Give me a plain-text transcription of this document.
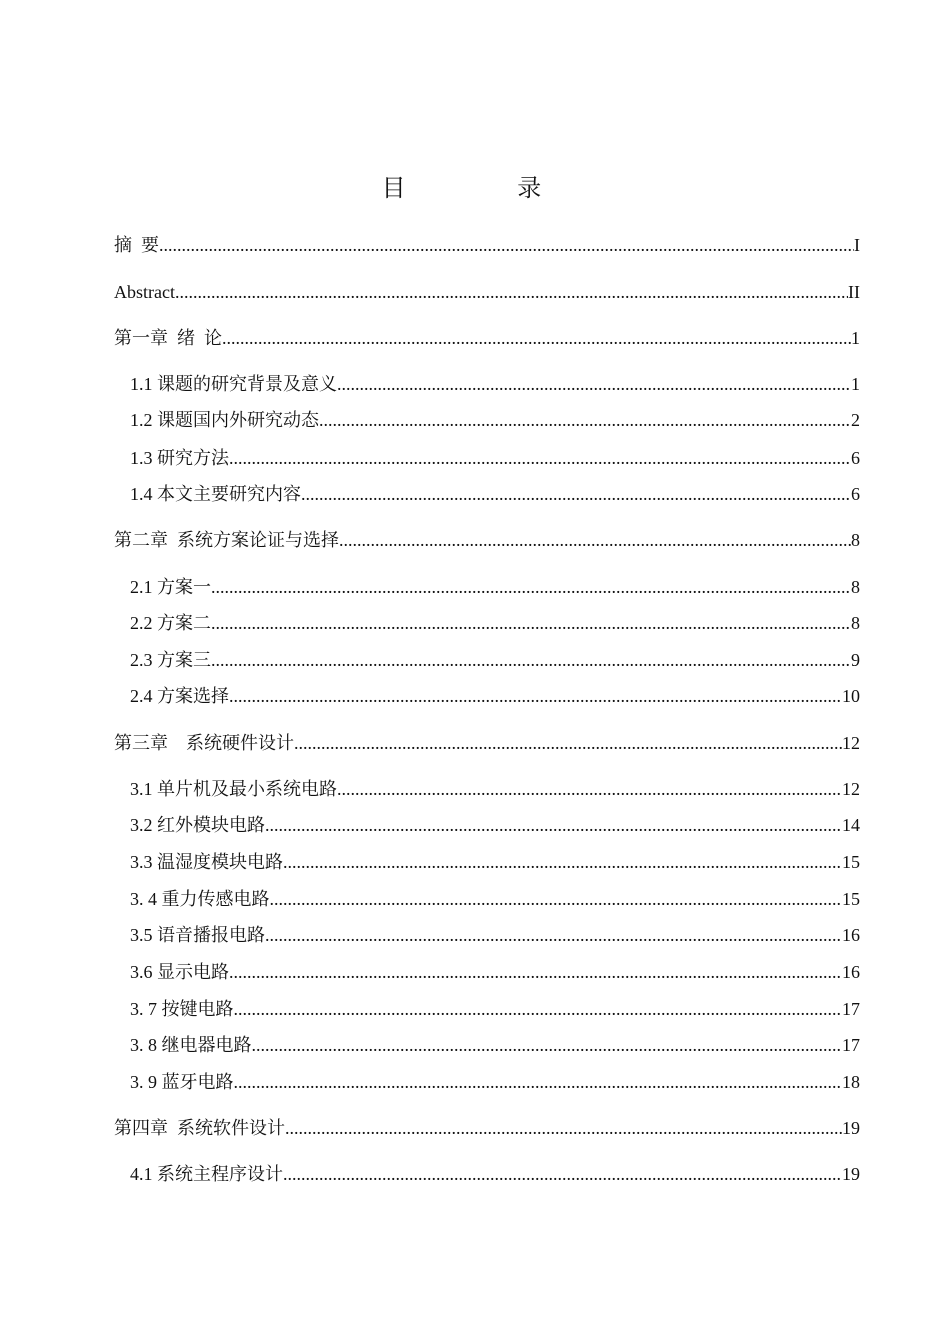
目 录
摘  要 .....	I
Abstract .....	II
第一章  绪  论 .....	1
1.1 课题的研究背景及意义 .....	1
1.2 课题国内外研究动态 .....	2
1.3 研究方法 .....	6
1.4 本文主要研究内容 .....	6
第二章  系统方案论证与选择 .....	8
2.1 方案一 .....	8
2.2 方案二 .....	8
2.3 方案三 .....	9
2.4 方案选择 .....	10
第三章    系统硬件设计 .....	12
3.1 单片机及最小系统电路 .....	12
3.2 红外模块电路 .....	14
3.3 温湿度模块电路 .....	15
3. 4 重力传感电路 .....	15
3.5 语音播报电路 .....	16
3.6 显示电路 .....	16
3. 7 按键电路 .....	17
3. 8 继电器电路 .....	17
3. 9 蓝牙电路 .....	18
第四章  系统软件设计 .....	19
4.1 系统主程序设计 .....	19
